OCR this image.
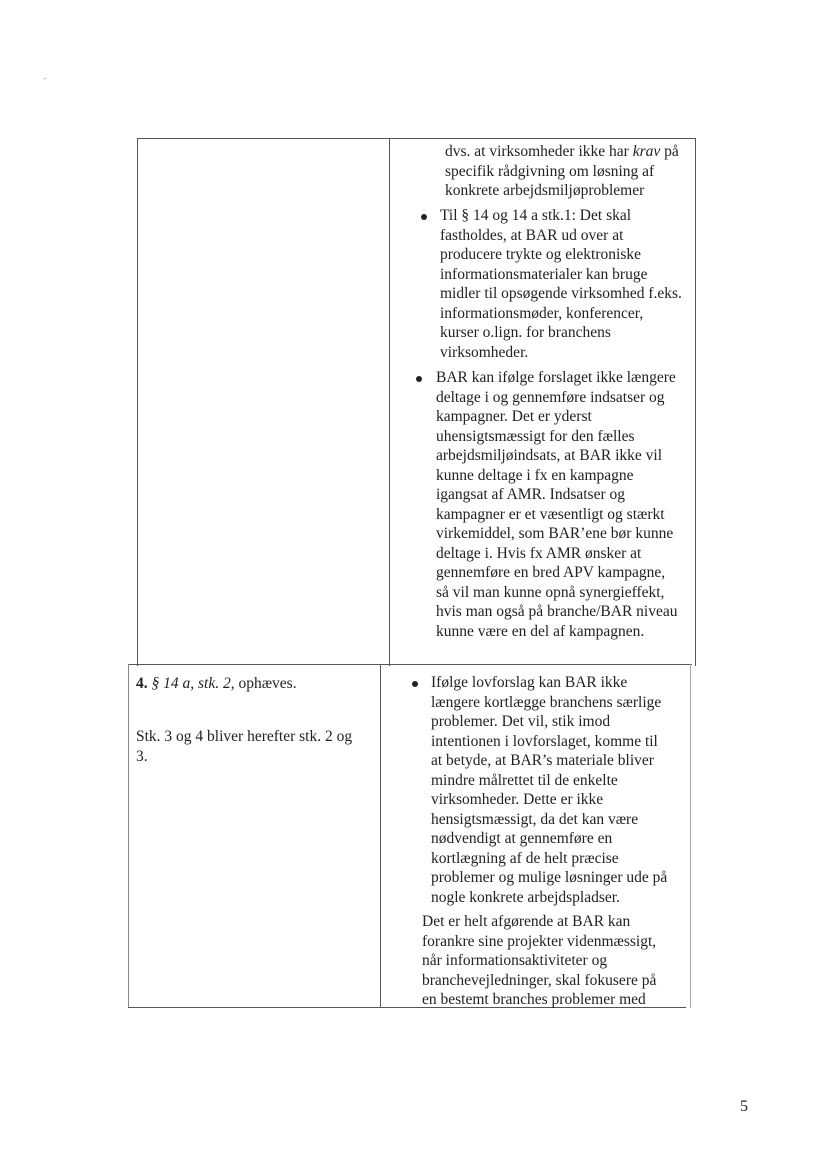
dvs. at virksomheder ikke har krav på
specifik rådgivning om løsning af
konkrete arbejdsmiljøproblemer
Til § 14 og 14 a stk.1: Det skal
fastholdes, at BAR ud over at
producere trykte og elektroniske
informationsmaterialer kan bruge
midler til opsøgende virksomhed f.eks.
informationsmøder, konferencer,
kurser o.lign. for branchens
virksomheder.
BAR kan ifølge forslaget ikke længere
deltage i og gennemføre indsatser og
kampagner. Det er yderst
uhensigtsmæssigt for den fælles
arbejdsmiljøindsats, at BAR ikke vil
kunne deltage i fx en kampagne
igangsat af AMR. Indsatser og
kampagner er et væsentligt og stærkt
virkemiddel, som BAR’ene bør kunne
deltage i. Hvis fx AMR ønsker at
gennemføre en bred APV kampagne,
så vil man kunne opnå synergieffekt,
hvis man også på branche/BAR niveau
kunne være en del af kampagnen.
4. § 14 a, stk. 2, ophæves.
Stk. 3 og 4 bliver herefter stk. 2 og
3.
Ifølge lovforslag kan BAR ikke
længere kortlægge branchens særlige
problemer. Det vil, stik imod
intentionen i lovforslaget, komme til
at betyde, at BAR’s materiale bliver
mindre målrettet til de enkelte
virksomheder. Dette er ikke
hensigtsmæssigt, da det kan være
nødvendigt at gennemføre en
kortlægning af de helt præcise
problemer og mulige løsninger ude på
nogle konkrete arbejdspladser.
Det er helt afgørende at BAR kan
forankre sine projekter videnmæssigt,
når informationsaktiviteter og
branchevejledninger, skal fokusere på
en bestemt branches problemer med
5
